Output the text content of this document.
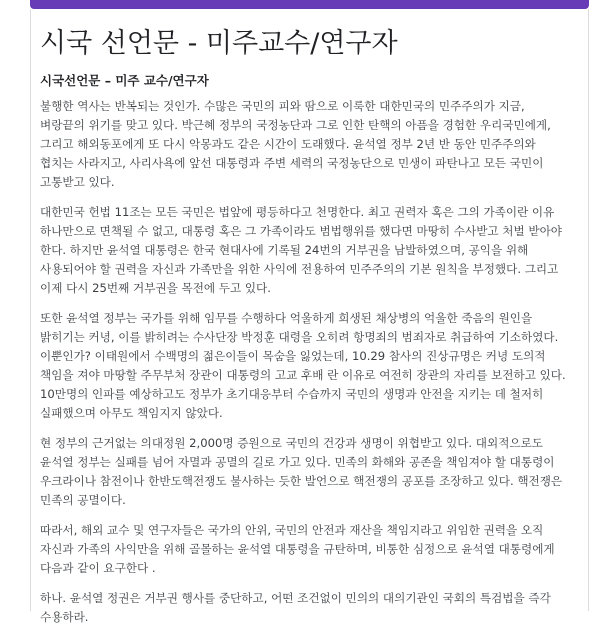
시국 선언문 - 미주교수/연구자

시국선언문 – 미주 교수/연구자

불행한 역사는 반복되는 것인가. 수많은 국민의 피와 땀으로 이룩한 대한민국의 민주주의가 지금, 벼랑끝의 위기를 맞고 있다. 박근혜 정부의 국정농단과 그로 인한 탄핵의 아픔을 경험한 우리국민에게, 그리고 해외동포에게 또 다시 악몽과도 같은 시간이 도래했다. 윤석열 정부 2년 반 동안 민주주의와 협치는 사라지고, 사리사욕에 앞선 대통령과 주변 세력의 국정농단으로 민생이 파탄나고 모든 국민이 고통받고 있다.

대한민국 헌법 11조는 모든 국민은 법앞에 평등하다고 천명한다. 최고 권력자 혹은 그의 가족이란 이유 하나만으로 면책될 수 없고, 대통령 혹은 그 가족이라도 범법행위를 했다면 마땅히 수사받고 처벌 받아야 한다. 하지만 윤석열 대통령은 한국 현대사에 기록될 24번의 거부권을 남발하였으며, 공익을 위해 사용되어야 할 권력을 자신과 가족만을 위한 사익에 전용하여 민주주의의 기본 원칙을 부정했다. 그리고 이제 다시 25번째 거부권을 목전에 두고 있다.

또한 윤석열 정부는 국가를 위해 임무를 수행하다 억울하게 희생된 채상병의 억울한 죽음의 원인을 밝히기는 커녕, 이를 밝히려는 수사단장 박정훈 대령을 오히려 항명죄의 범죄자로 취급하여 기소하였다. 이뿐인가? 이태원에서 수백명의 젊은이들이 목숨을 잃었는데, 10.29 참사의 진상규명은 커녕 도의적 책임을 져야 마땅할 주무부처 장관이 대통령의 고교 후배 란 이유로 여전히 장관의 자리를 보전하고 있다. 10만명의 인파를 예상하고도 정부가 초기대응부터 수습까지 국민의 생명과 안전을 지키는 데 철저히 실패했으며 아무도 책임지지 않았다.

현 정부의 근거없는 의대정원 2,000명 증원으로 국민의 건강과 생명이 위협받고 있다. 대외적으로도 윤석열 정부는 실패를 넘어 자멸과 공멸의 길로 가고 있다. 민족의 화해와 공존을 책임져야 할 대통령이 우크라이나 참전이나 한반도핵전쟁도 불사하는 듯한 발언으로 핵전쟁의 공포를 조장하고 있다. 핵전쟁은 민족의 공멸이다.

따라서, 해외 교수 및 연구자들은 국가의 안위, 국민의 안전과 재산을 책임지라고 위임한 권력을 오직 자신과 가족의 사익만을 위해 골몰하는 윤석열 대통령을 규탄하며, 비통한 심정으로 윤석열 대통령에게 다음과 같이 요구한다 .

하나. 윤석열 정권은 거부권 행사를 중단하고, 어떤 조건없이 민의의 대의기관인 국회의 특검법을 즉각 수용하라.
